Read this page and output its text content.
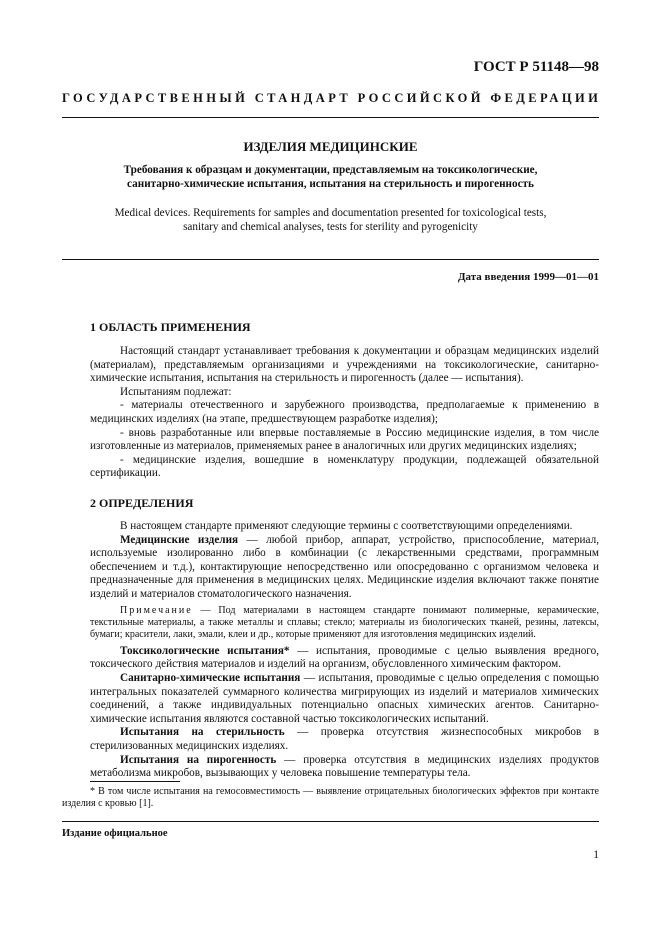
ГОСТ Р 51148—98
ГОСУДАРСТВЕННЫЙ СТАНДАРТ РОССИЙСКОЙ ФЕДЕРАЦИИ
ИЗДЕЛИЯ МЕДИЦИНСКИЕ
Требования к образцам и документации, представляемым на токсикологические,
санитарно-химические испытания, испытания на стерильность и пирогенность
Medical devices. Requirements for samples and documentation presented for toxicological tests,
sanitary and chemical analyses, tests for sterility and pyrogenicity
Дата введения 1999—01—01
1 ОБЛАСТЬ ПРИМЕНЕНИЯ

Настоящий стандарт устанавливает требования к документации и образцам медицинских изделий (материалам), представляемым организациями и учреждениями на токсикологические, санитарно-химические испытания, испытания на стерильность и пирогенность (далее — испытания).

Испытаниям подлежат:

- материалы отечественного и зарубежного производства, предполагаемые к применению в медицинских изделиях (на этапе, предшествующем разработке изделия);

- вновь разработанные или впервые поставляемые в Россию медицинские изделия, в том числе изготовленные из материалов, применяемых ранее в аналогичных или других медицинских изделиях;

- медицинские изделия, вошедшие в номенклатуру продукции, подлежащей обязательной сертификации.

2 ОПРЕДЕЛЕНИЯ

В настоящем стандарте применяют следующие термины с соответствующими определениями.

Медицинские изделия — любой прибор, аппарат, устройство, приспособление, материал, используемые изолированно либо в комбинации (с лекарственными средствами, программным обеспечением и т.д.), контактирующие непосредственно или опосредованно с организмом человека и предназначенные для применения в медицинских целях. Медицинские изделия включают также понятие изделий и материалов стоматологического назначения.

Примечание — Под материалами в настоящем стандарте понимают полимерные, керамические, текстильные материалы, а также металлы и сплавы; стекло; материалы из биологических тканей, резины, латексы, бумаги; красители, лаки, эмали, клеи и др., которые применяют для изготовления медицинских изделий.

Токсикологические испытания* — испытания, проводимые с целью выявления вредного, токсического действия материалов и изделий на организм, обусловленного химическим фактором.

Санитарно-химические испытания — испытания, проводимые с целью определения с помощью интегральных показателей суммарного количества мигрирующих из изделий и материалов химических соединений, а также индивидуальных потенциально опасных химических агентов. Санитарно-химические испытания являются составной частью токсикологических испытаний.

Испытания на стерильность — проверка отсутствия жизнеспособных микробов в стерилизованных медицинских изделиях.

Испытания на пирогенность — проверка отсутствия в медицинских изделиях продуктов метаболизма микробов, вызывающих у человека повышение температуры тела.

* В том числе испытания на гемосовместимость — выявление отрицательных биологических эффектов при контакте изделия с кровью [1].

Издание официальное
1
